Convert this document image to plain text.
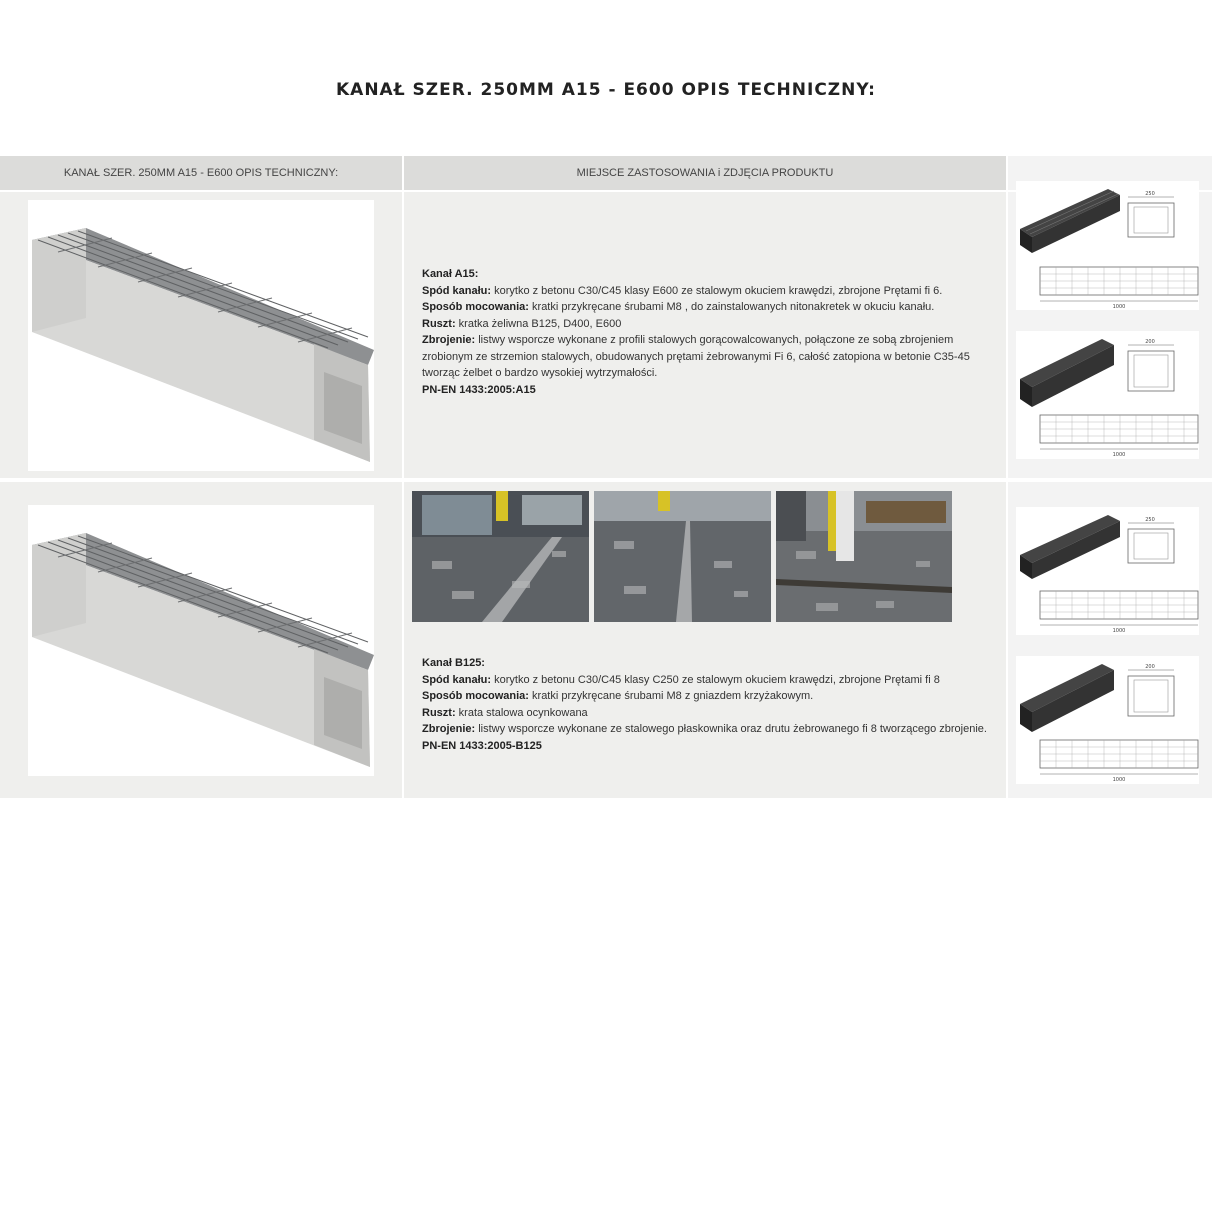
KANAŁ SZER. 250MM A15 - E600 OPIS TECHNICZNY:
KANAŁ SZER. 250MM A15 - E600 OPIS TECHNICZNY:	MIEJSCE ZASTOSOWANIA i ZDJĘCIA PRODUKTU
Kanał A15:
Spód kanału: korytko z betonu C30/C45 klasy E600 ze stalowym okuciem krawędzi, zbrojone Prętami fi 6.
Sposób mocowania: kratki przykręcane śrubami M8 , do zainstalowanych nitonakretek w okuciu kanału.
Ruszt: kratka żeliwna B125, D400, E600
Zbrojenie: listwy wsporcze wykonane z profili stalowych gorącowalcowanych, połączone ze sobą zbrojeniem zrobionym ze strzemion stalowych, obudowanych prętami żebrowanymi Fi 6, całość zatopiona w betonie C35-45 tworząc żelbet o bardzo wysokiej wytrzymałości.
PN-EN 1433:2005:A15
250
1000
200
1000
Kanał B125:
Spód kanału: korytko z betonu C30/C45 klasy C250 ze stalowym okuciem krawędzi, zbrojone Prętami fi 8
Sposób mocowania: kratki przykręcane śrubami M8 z gniazdem krzyżakowym.
Ruszt: krata stalowa ocynkowana
Zbrojenie: listwy wsporcze wykonane ze stalowego płaskownika oraz drutu żebrowanego fi 8 tworzącego zbrojenie.
PN-EN 1433:2005-B125
250
1000
200
1000
